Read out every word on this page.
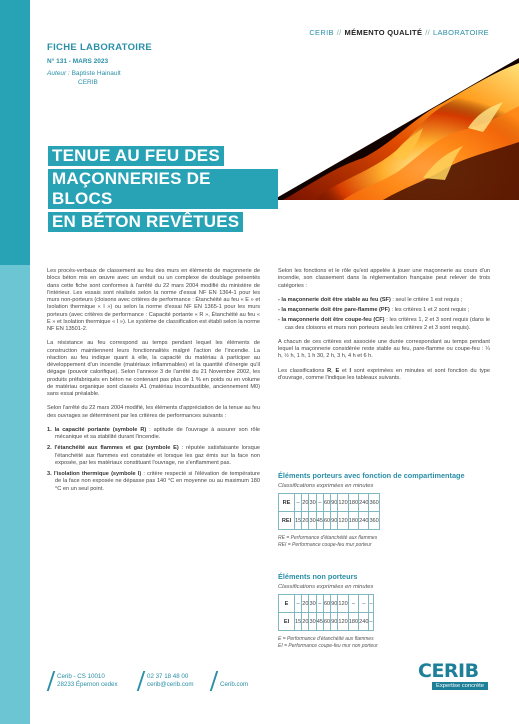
CERIB // MÉMENTO QUALITÉ // LABORATOIRE
FICHE LABORATOIRE
N° 131 - MARS 2023
Auteur : Baptiste Hainault
CERIB
TENUE AU FEU DES
MAÇONNERIES DE BLOCS
EN BÉTON REVÊTUES

Les procès-verbaux de classement au feu des murs en éléments de maçonnerie de blocs béton mis en œuvre avec un enduit ou un complexe de doublage présentés dans cette fiche sont conformes à l'arrêté du 22 mars 2004 modifié du ministère de l'intérieur. Les essais sont réalisés selon la norme d'essai NF EN 1364-1 pour les murs non-porteurs (cloisons avec critères de performance : Étanchéité au feu « E » et Isolation thermique « I ») ou selon la norme d'essai NF EN 1365-1 pour les murs porteurs (avec critères de performance : Capacité portante « R », Étanchéité au feu « E » et Isolation thermique « I »). Le système de classification est établi selon la norme NF EN 13501-2.

La résistance au feu correspond au temps pendant lequel les éléments de construction maintiennent leurs fonctionnalités malgré l'action de l'incendie. La réaction au feu indique quant à elle, la capacité du matériau à participer au développement d'un incendie (matériaux inflammables) et la quantité d'énergie qu'il dégage (pouvoir calorifique). Selon l'annexe 3 de l'arrêté du 21 Novembre 2002, les produits préfabriqués en béton ne contenant pas plus de 1 % en poids ou en volume de matériau organique sont classés A1 (matériau incombustible, anciennement M0) sans essai préalable.

Selon l'arrêté du 22 mars 2004 modifié, les éléments d'appréciation de la tenue au feu des ouvrages se déterminent par les critères de performances suivants :

1. la capacité portante (symbole R) : aptitude de l'ouvrage à assurer son rôle mécanique et sa stabilité durant l'incendie.
2. l'étanchéité aux flammes et gaz (symbole E) : réputée satisfaisante lorsque l'étanchéité aux flammes est constatée et lorsque les gaz émis sur la face non exposée, par les matériaux constituant l'ouvrage, ne s'enflamment pas.
3. l'isolation thermique (symbole I) : critère respecté si l'élévation de température de la face non exposée ne dépasse pas 140 °C en moyenne ou au maximum 180 °C en un seul point.

Selon les fonctions et le rôle qu'est appelée à jouer une maçonnerie au cours d'un incendie, son classement dans la réglementation française peut relever de trois catégories :

- la maçonnerie doit être stable au feu (SF) : seul le critère 1 est requis ;
- la maçonnerie doit être pare-flamme (PF) : les critères 1 et 2 sont requis ;
- la maçonnerie doit être coupe-feu (CF) : les critères 1, 2 et 3 sont requis (dans le cas des cloisons et murs non porteurs seuls les critères 2 et 3 sont requis).

A chacun de ces critères est associée une durée correspondant au temps pendant lequel la maçonnerie considérée reste stable au feu, pare-flamme ou coupe-feu : ¼ h, ½ h, 1 h, 1 h 30, 2 h, 3 h, 4 h et 6 h.

Les classifications R, E et I sont exprimées en minutes et sont fonction du type d'ouvrage, comme l'indique les tableaux suivants.

Éléments porteurs avec fonction de compartimentage
Classifications exprimées en minutes
RE	–	20	30	–	60	90	120	180	240	360
REI	15	20	30	45	60	90	120	180	240	360
RE = Performance d'étanchéité aux flammes
REI = Performance coupe-feu mur porteur
Éléments non porteurs
Classifications exprimées en minutes
E	–	20	30	–	60	90	120	–	–	–
EI	15	20	30	45	60	90	120	180	240	–
E = Performance d'étanchéité aux flammes
EI = Performance coupe-feu mur non porteur
Cerib - CS 10010
28233 Épernon cedex
02 37 18 48 00
cerib@cerib.com	Cerib.com
CERIB
Expertise concrète
